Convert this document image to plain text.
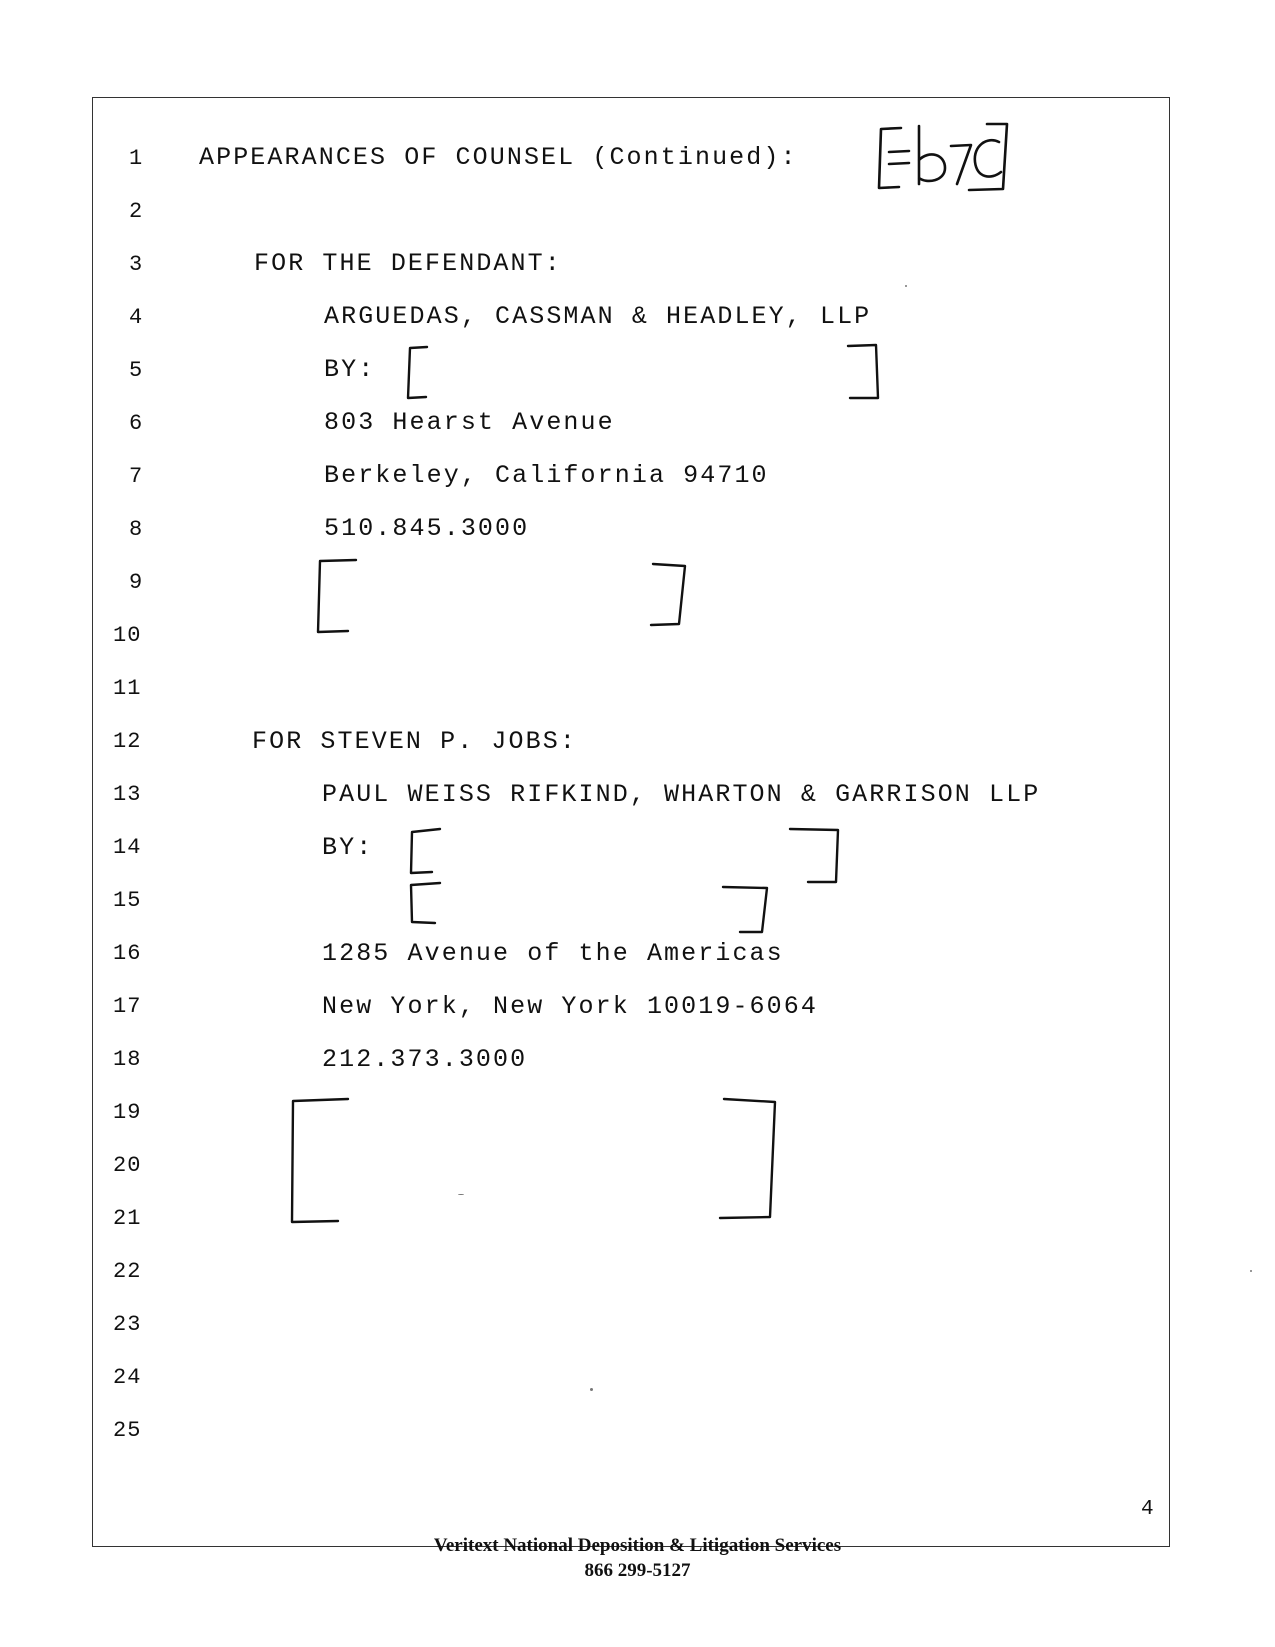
1
2
3
4
5
6
7
8
9
10
11
12
13
14
15
16
17
18
19
20
21
22
23
24
25
APPEARANCES OF COUNSEL (Continued):
FOR THE DEFENDANT:
ARGUEDAS, CASSMAN & HEADLEY, LLP
BY:
803 Hearst Avenue
Berkeley, California 94710
510.845.3000
FOR STEVEN P. JOBS:
PAUL WEISS RIFKIND, WHARTON & GARRISON LLP
BY:
1285 Avenue of the Americas
New York, New York 10019-6064
212.373.3000
4
Veritext National Deposition & Litigation Services
866 299-5127
